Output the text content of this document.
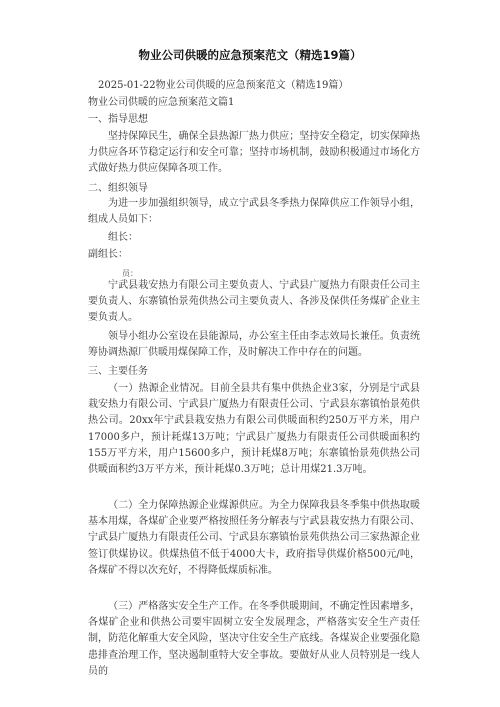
物业公司供暖的应急预案范文（精选19篇）
2025-01-22物业公司供暖的应急预案范文（精选19篇）
物业公司供暖的应急预案范文篇1
一、指导思想
坚持保障民生，确保全县热源厂热力供应；坚持安全稳定，切实保障热力供应各环节稳定运行和安全可靠；坚持市场机制，鼓励积极通过市场化方式做好热力供应保障各项工作。
二、组织领导
为进一步加强组织领导，成立宁武县冬季热力保障供应工作领导小组，组成人员如下：
组长：
副组长：
员：
宁武县栽安热力有限公司主要负责人、宁武县广厦热力有限责任公司主要负责人、东寨镇怡景苑供热公司主要负责人、各涉及保供任务煤矿企业主要负责人。
领导小组办公室设在县能源局，办公室主任由李志效局长兼任。负责统筹协调热源厂供暖用煤保障工作，及时解决工作中存在的问题。
三、主要任务
（一）热源企业情况。目前全县共有集中供热企业3家，分别是宁武县栽安热力有限公司、宁武县广厦热力有限责任公司、宁武县东寨镇怡景苑供热公司。20xx年宁武县栽安热力有限公司供暖面积约250万平方米，用户17000多户，预计耗煤13万吨；宁武县广厦热力有限责任公司供暖面积约155万平方米，用户15600多户，预计耗煤8万吨；东寨镇怡景苑供热公司供暖面积约3万平方米，预计耗煤0.3万吨；总计用煤21.3万吨。
（二）全力保障热源企业煤源供应。为全力保障我县冬季集中供热取暖基本用煤，各煤矿企业要严格按照任务分解表与宁武县栽安热力有限公司、宁武县广厦热力有限责任公司、宁武县东寨镇怡景苑供热公司三家热源企业签订供煤协议。供煤热值不低于4000大卡，政府指导供煤价格500元/吨，各煤矿不得以次充好，不得降低煤质标准。
（三）严格落实安全生产工作。在冬季供暖期间，不确定性因素增多，各煤矿企业和供热公司要牢固树立安全发展理念，严格落实安全生产责任制，防范化解重大安全风险，坚决守住安全生产底线。各煤炭企业要强化隐患排查治理工作，坚决遏制重特大安全事故。要做好从业人员特别是一线人员的
